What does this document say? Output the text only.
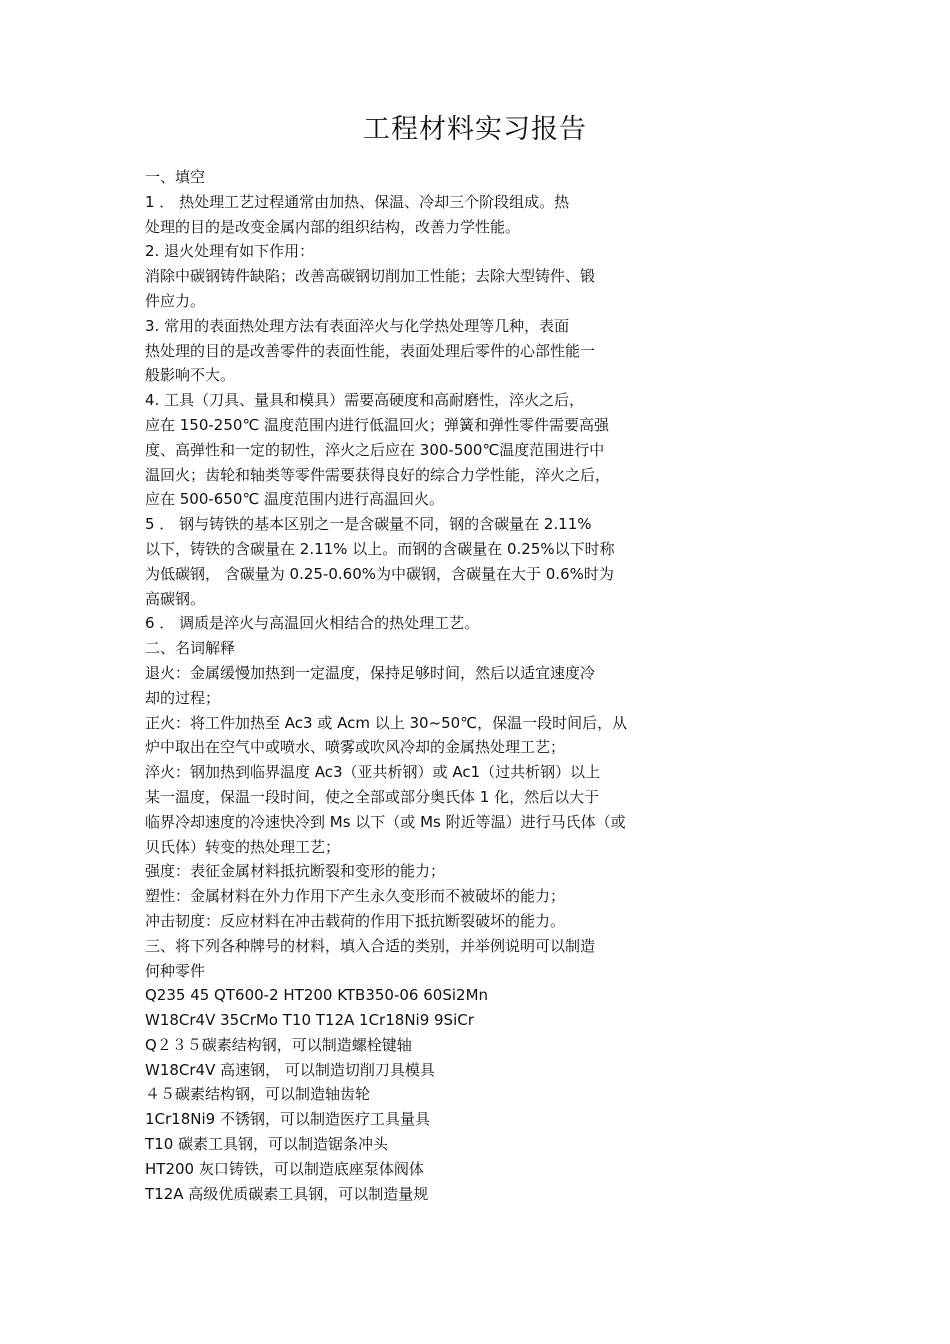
工程材料实习报告
一、填空
1 ． 热处理工艺过程通常由加热、保温、冷却三个阶段组成。热
处理的目的是改变金属内部的组织结构，改善力学性能。
2. 退火处理有如下作用：
消除中碳钢铸件缺陷；改善高碳钢切削加工性能；去除大型铸件、锻
件应力。
3. 常用的表面热处理方法有表面淬火与化学热处理等几种，表面
热处理的目的是改善零件的表面性能，表面处理后零件的心部性能一
般影响不大。
4. 工具（刀具、量具和模具）需要高硬度和高耐磨性，淬火之后，
应在 150-250℃ 温度范围内进行低温回火；弹簧和弹性零件需要高强
度、高弹性和一定的韧性，淬火之后应在 300-500℃温度范围进行中
温回火；齿轮和轴类等零件需要获得良好的综合力学性能，淬火之后，
应在 500-650℃ 温度范围内进行高温回火。
5 ． 钢与铸铁的基本区别之一是含碳量不同，钢的含碳量在 2.11%
以下，铸铁的含碳量在 2.11% 以上。而钢的含碳量在 0.25%以下时称
为低碳钢， 含碳量为 0.25-0.60%为中碳钢，含碳量在大于 0.6%时为
高碳钢。
6 ． 调质是淬火与高温回火相结合的热处理工艺。
二、名词解释
退火：金属缓慢加热到一定温度，保持足够时间，然后以适宜速度冷
却的过程；
正火：将工件加热至 Ac3 或 Acm 以上 30~50℃，保温一段时间后，从
炉中取出在空气中或喷水、喷雾或吹风冷却的金属热处理工艺；
淬火：钢加热到临界温度 Ac3（亚共析钢）或 Ac1（过共析钢）以上
某一温度，保温一段时间，使之全部或部分奥氏体 1 化，然后以大于
临界冷却速度的冷速快冷到 Ms 以下（或 Ms 附近等温）进行马氏体（或
贝氏体）转变的热处理工艺；
强度：表征金属材料抵抗断裂和变形的能力；
塑性：金属材料在外力作用下产生永久变形而不被破坏的能力；
冲击韧度：反应材料在冲击载荷的作用下抵抗断裂破坏的能力。
三、将下列各种牌号的材料，填入合适的类别，并举例说明可以制造
何种零件
Q235 45 QT600-2 HT200 KTB350-06 60Si2Mn
W18Cr4V 35CrMo T10 T12A 1Cr18Ni9 9SiCr
Q２３５碳素结构钢，可以制造螺栓键轴
W18Cr4V 高速钢， 可以制造切削刀具模具
４５碳素结构钢，可以制造轴齿轮
1Cr18Ni9 不锈钢，可以制造医疗工具量具
T10 碳素工具钢，可以制造锯条冲头
HT200 灰口铸铁，可以制造底座泵体阀体
T12A 高级优质碳素工具钢，可以制造量规
